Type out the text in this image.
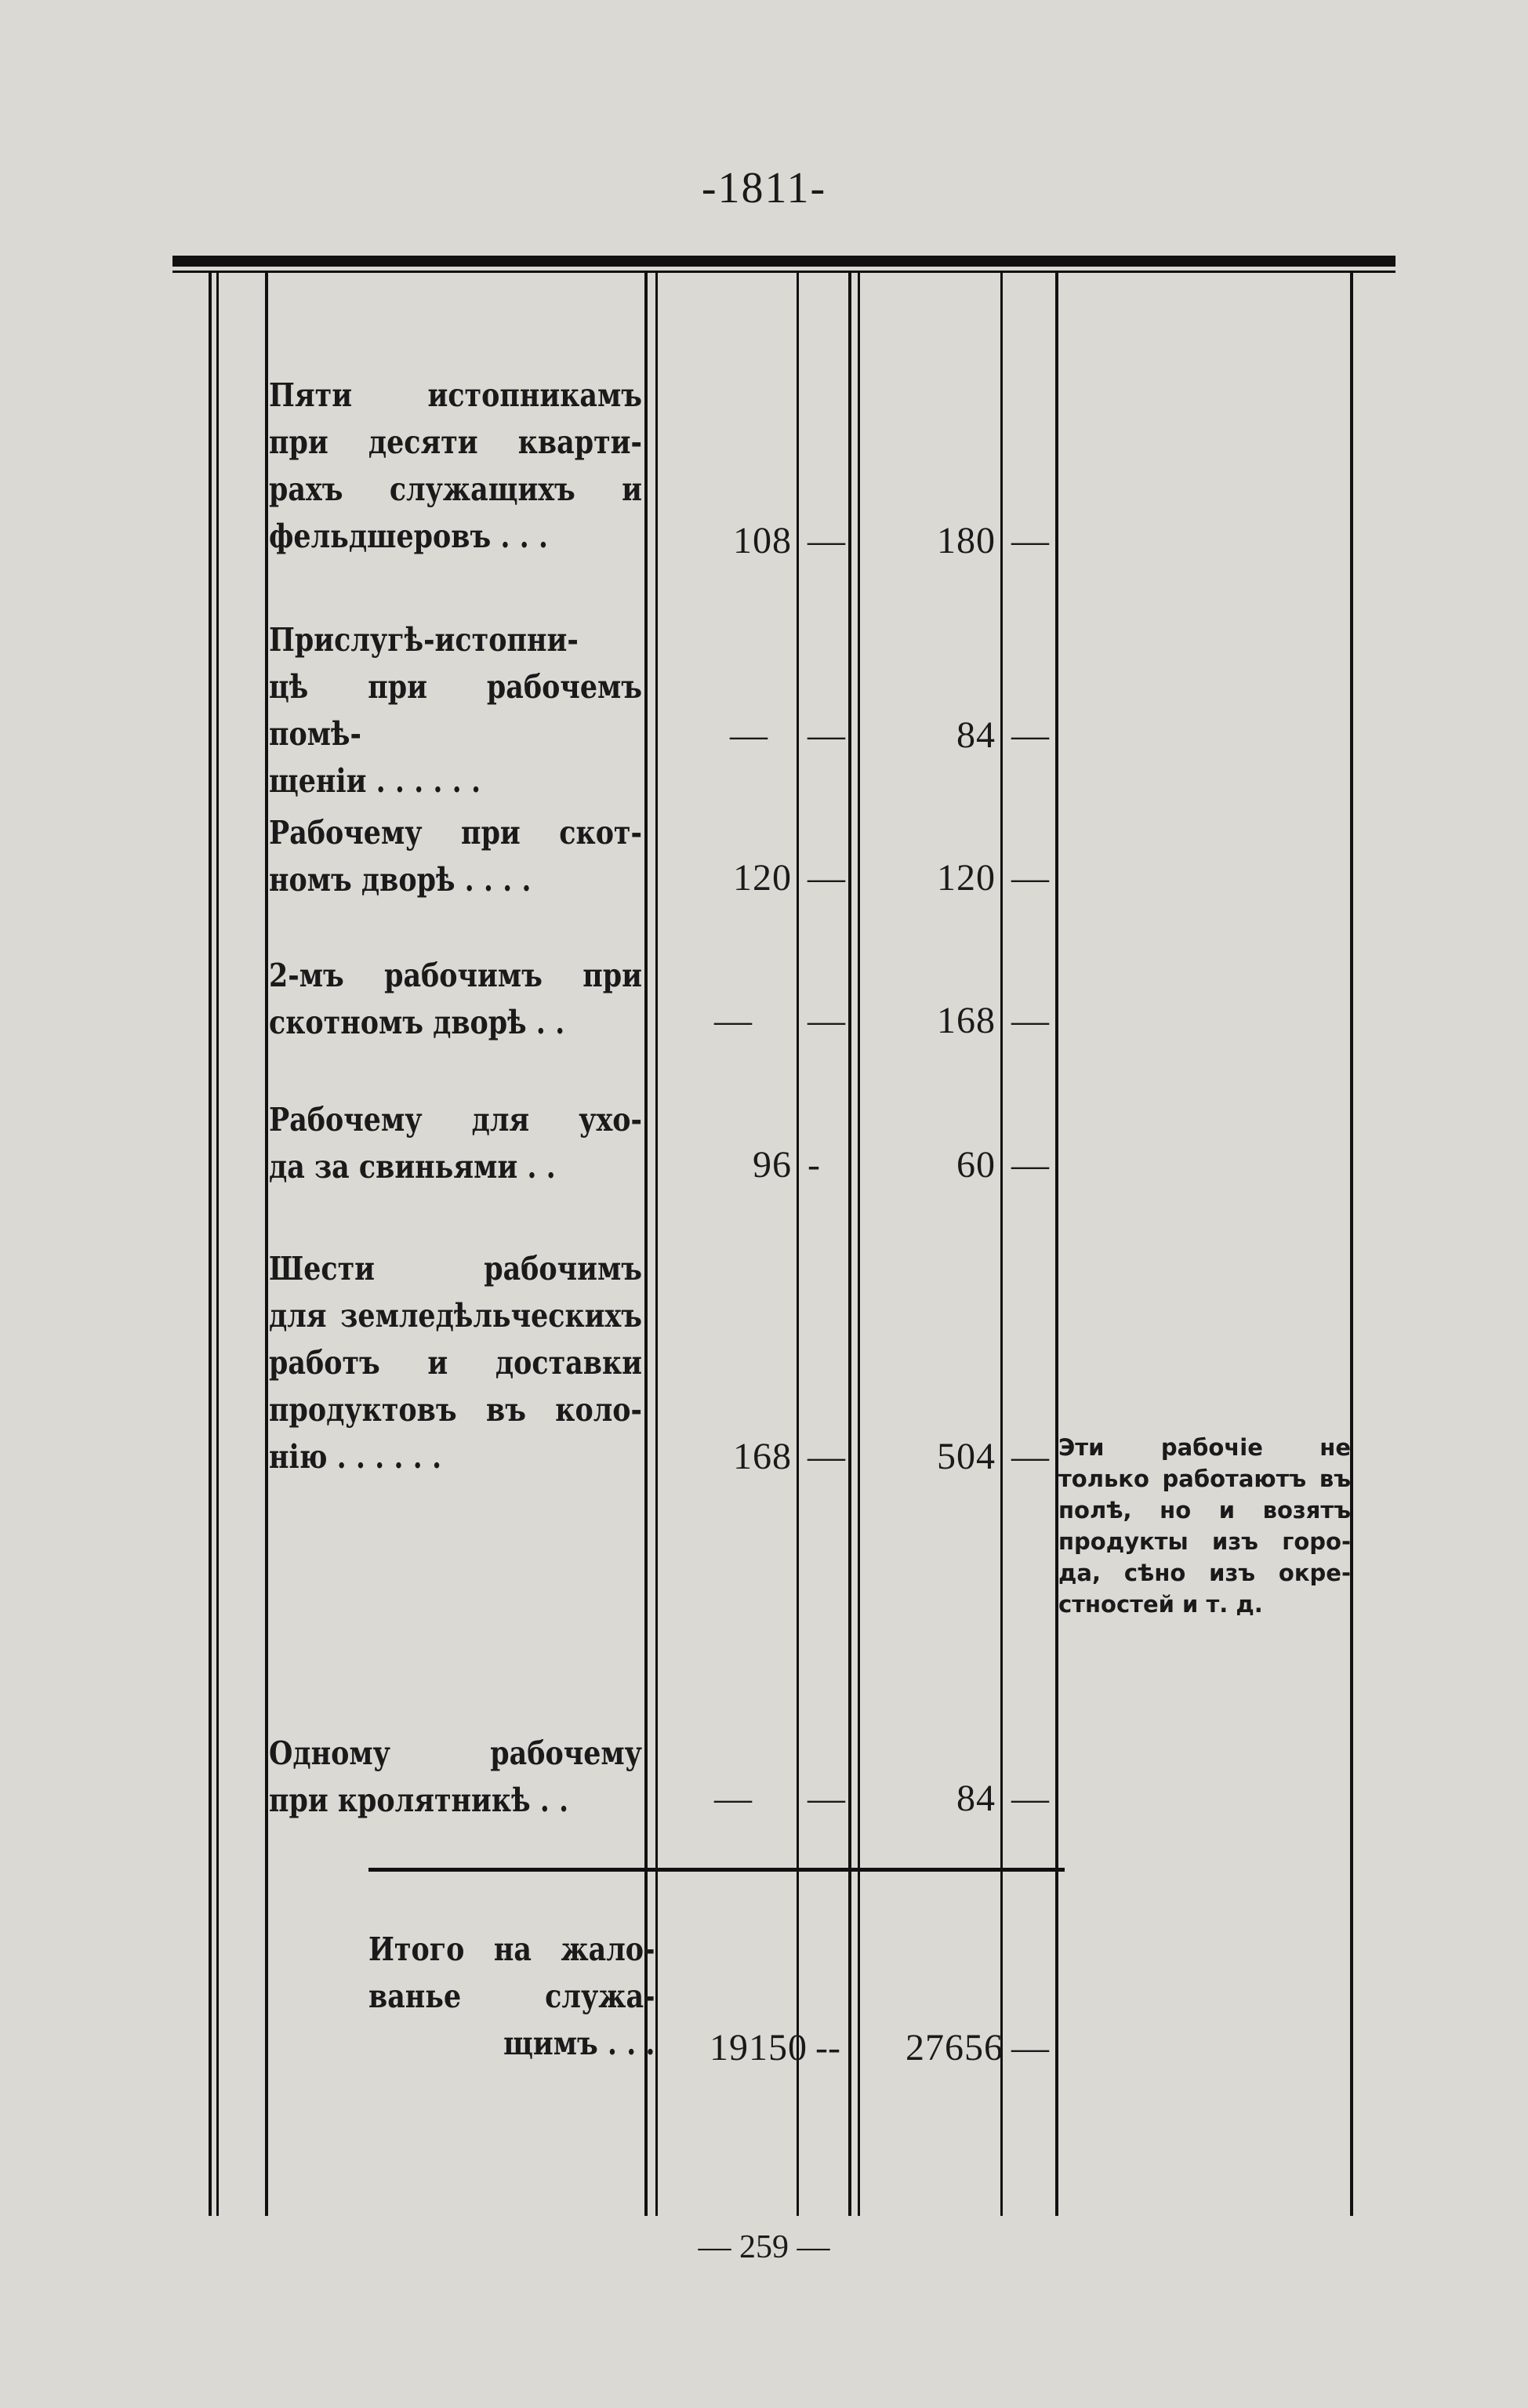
-1811-
Пяти истопникамъ
при десяти кварти-
рахъ служащихъ и
фельдшеровъ . . .	108 —	180 —
Прислугѣ-истопни-
цѣ при рабочемъ помѣ-
щеніи . . . . . .
— —	84 —
Рабочему при скот-
номъ дворѣ . . . .	120 —	120 —
2-мъ рабочимъ при
скотномъ дворѣ . .	— —	168 —
Рабочему для ухо-
да за свиньями . .	96 -	60 —
Шести рабочимъ
для земледѣльческихъ
работъ и доставки
продуктовъ въ коло-
нію . . . . . .	168 —	504 — Эти рабочіе не
только работаютъ въ
полѣ, но и возятъ
продукты изъ горо-
да, сѣно изъ окре-
стностей и т. д.
Одному рабочему
при кролятникѣ . .	— —	84 —
Итого на жало-
ванье служа-
щимъ . . .	19150 --	27656 —
— 259 —
